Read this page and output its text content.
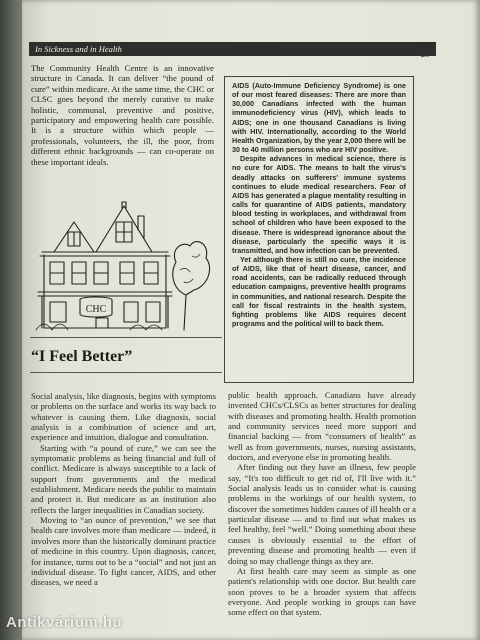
In Sickness and in Health	29

The Community Health Centre is an innovative structure in Canada. It can deliver “the pound of cure” within medicare. At the same time, the CHC or CLSC goes beyond the merely curative to make holistic, communal, preventive and positive, participatory and empowering health care possible. It is a structure within which people — professionals, volunteers, the ill, the poor, from different ethnic backgrounds — can co-operate on these important ideals.

AIDS (Auto-Immune Deficiency Syndrome) is one of our most feared diseases: There are more than 30,000 Canadians infected with the human immunodeficiency virus (HIV), which leads to AIDS; one in one thousand Canadians is living with HIV. Internationally, according to the World Health Organization, by the year 2,000 there will be 30 to 40 million persons who are HIV positive.

Despite advances in medical science, there is no cure for AIDS. The means to halt the virus's deadly attacks on sufferers' immune systems continues to elude medical researchers. Fear of AIDS has generated a plague mentality resulting in calls for quarantine of AIDS patients, mandatory blood testing in workplaces, and withdrawal from school of children who have been exposed to the disease. There is widespread ignorance about the disease, particularly the specific ways it is transmitted, and how infection can be prevented.

Yet although there is still no cure, the incidence of AIDS, like that of heart disease, cancer, and road accidents, can be radically reduced through education campaigns, preventive health programs in communities, and national research. Despite the call for fiscal restraints in the health system, fighting problems like AIDS requires decent programs and the political will to back them.

CHC
“I Feel Better”

Social analysis, like diagnosis, begins with symptoms or problems on the surface and works its way back to whatever is causing them. Like diagnosis, social analysis is a combination of science and art, experience and intuition, dialogue and consultation.

Starting with “a pound of cure,” we can see the symptomatic problems as being financial and full of conflict. Medicare is always susceptible to a lack of support from governments and the medical establishment. Medicare needs the public to maintain and protect it. But medicare as an institution also reflects the larger inequalities in Canadian society.

Moving to “an ounce of prevention,” we see that health care involves more than medicare — indeed, it involves more than the historically dominant practice of medicine in this country. Upon diagnosis, cancer, for instance, turns out to be a “social” and not just an individual disease. To fight cancer, AIDS, and other diseases, we need a

public health approach. Canadians have already invented CHCs/CLSCs as better structures for dealing with diseases and promoting health. Health promotion and community services need more support and financial backing — from “consumers of health” as well as from governments, nurses, nursing assistants, doctors, and everyone else in promoting health.

After finding out they have an illness, few people say, “It's too difficult to get rid of, I'll live with it.” Social analysis leads us to consider what is causing problems in the workings of our health system, to discover the sometimes hidden causes of ill health or a particular disease — and to find out what makes us feel healthy, feel “well.” Doing something about these causes is obviously essential to the effort of preventing disease and promoting health — even if doing so may challenge things as they are.

At first health care may seem as simple as one patient's relationship with one doctor. But health care soon proves to be a broader system that affects everyone. And people working in groups can have some effect on that system.

Antikvárium.hu
